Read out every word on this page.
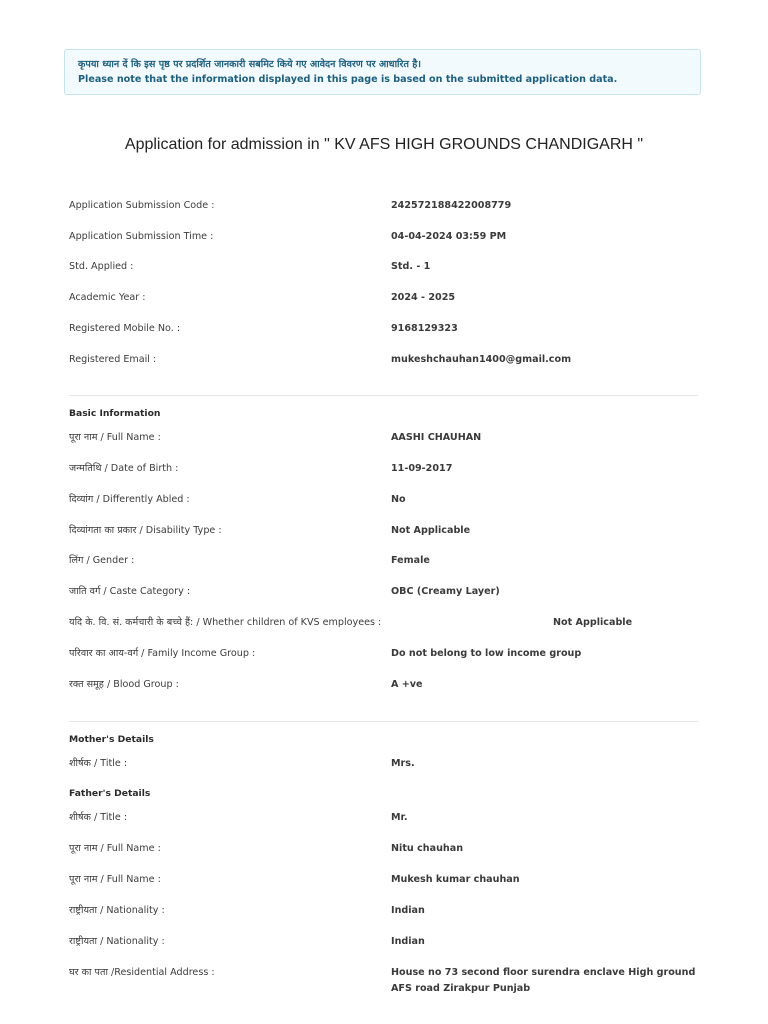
कृपया ध्यान दें कि इस पृष्ठ पर प्रदर्शित जानकारी सबमिट किये गए आवेदन विवरण पर आधारित है।
Please note that the information displayed in this page is based on the submitted application data.
Application for admission in " KV AFS HIGH GROUNDS CHANDIGARH "
Application Submission Code :	242572188422008779
Application Submission Time :	04-04-2024 03:59 PM
Std. Applied :	Std. - 1
Academic Year :	2024 - 2025
Registered Mobile No. :	9168129323
Registered Email :	mukeshchauhan1400@gmail.com
Basic Information
पूरा नाम / Full Name :	AASHI CHAUHAN
जन्मतिथि / Date of Birth :	11-09-2017
दिव्यांग / Differently Abled :	No
दिव्यांगता का प्रकार / Disability Type :	Not Applicable
लिंग / Gender :	Female
जाति वर्ग / Caste Category :	OBC (Creamy Layer)
यदि के. वि. सं. कर्मचारी के बच्चे हैं: / Whether children of KVS employees :	Not Applicable
परिवार का आय-वर्ग / Family Income Group :	Do not belong to low income group
रक्त समूह / Blood Group :	A +ve
Mother's Details
शीर्षक / Title :	Mrs.
Father's Details
शीर्षक / Title :	Mr.
पूरा नाम / Full Name :	Nitu chauhan
पूरा नाम / Full Name :	Mukesh kumar chauhan
राष्ट्रीयता / Nationality :	Indian
राष्ट्रीयता / Nationality :	Indian
घर का पता /Residential Address :	House no 73 second floor surendra enclave High ground AFS road Zirakpur Punjab
